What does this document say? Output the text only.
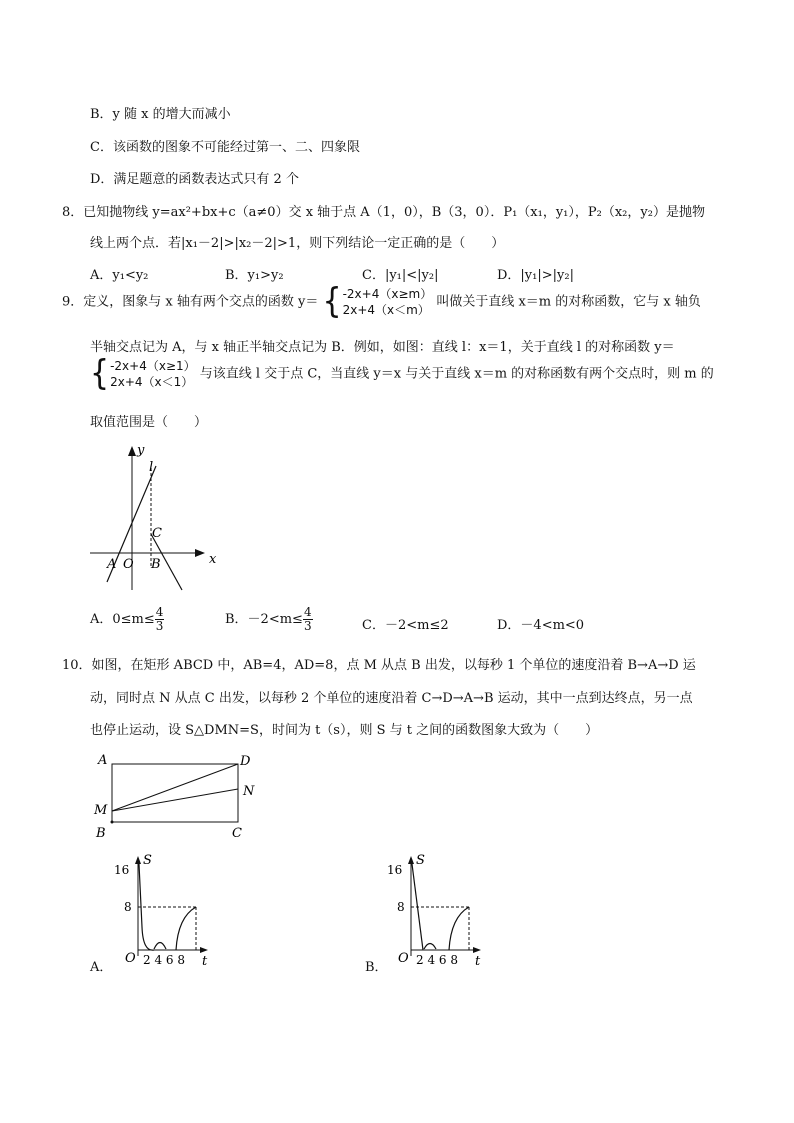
B．y 随 x 的增大而减小
C．该函数的图象不可能经过第一、二、四象限
D．满足题意的函数表达式只有 2 个
8．已知抛物线 y=ax²+bx+c（a≠0）交 x 轴于点 A（1，0），B（3，0）．P₁（x₁，y₁），P₂（x₂，y₂）是抛物
线上两个点．若|x₁－2|>|x₂－2|>1，则下列结论一定正确的是（　　）
A．y₁<y₂	B．y₁>y₂	C．|y₁|<|y₂|	D．|y₁|>|y₂|
9．定义，图象与 x 轴有两个交点的函数 y＝ { -2x+4（x≥m）
2x+4（x＜m）
叫做关于直线 x＝m 的对称函数，它与 x 轴负
半轴交点记为 A，与 x 轴正半轴交点记为 B．例如，如图：直线 l：x＝1，关于直线 l 的对称函数 y＝
{ -2x+4（x≥1）
2x+4（x＜1）
与该直线 l 交于点 C，当直线 y＝x 与关于直线 x＝m 的对称函数有两个交点时，则 m 的
取值范围是（　　）
y
l
C
A O B	x
A．$0\le m\le \frac{4}{3}$	B．$-2<m\le \frac{4}{3}$	C．－2<m≤2	D．－4<m<0
10．如图，在矩形 ABCD 中，AB=4，AD=8，点 M 从点 B 出发，以每秒 1 个单位的速度沿着 B→A→D 运
动，同时点 N 从点 C 出发，以每秒 2 个单位的速度沿着 C→D→A→B 运动，其中一点到达终点，另一点
也停止运动，设 S△DMN=S，时间为 t（s），则 S 与 t 之间的函数图象大致为（　　）
A	D
M
N
B	C
S
16
8
O 2 4 6 8 t
A．
S
16
8
O 2 4 6 8 t
B．
